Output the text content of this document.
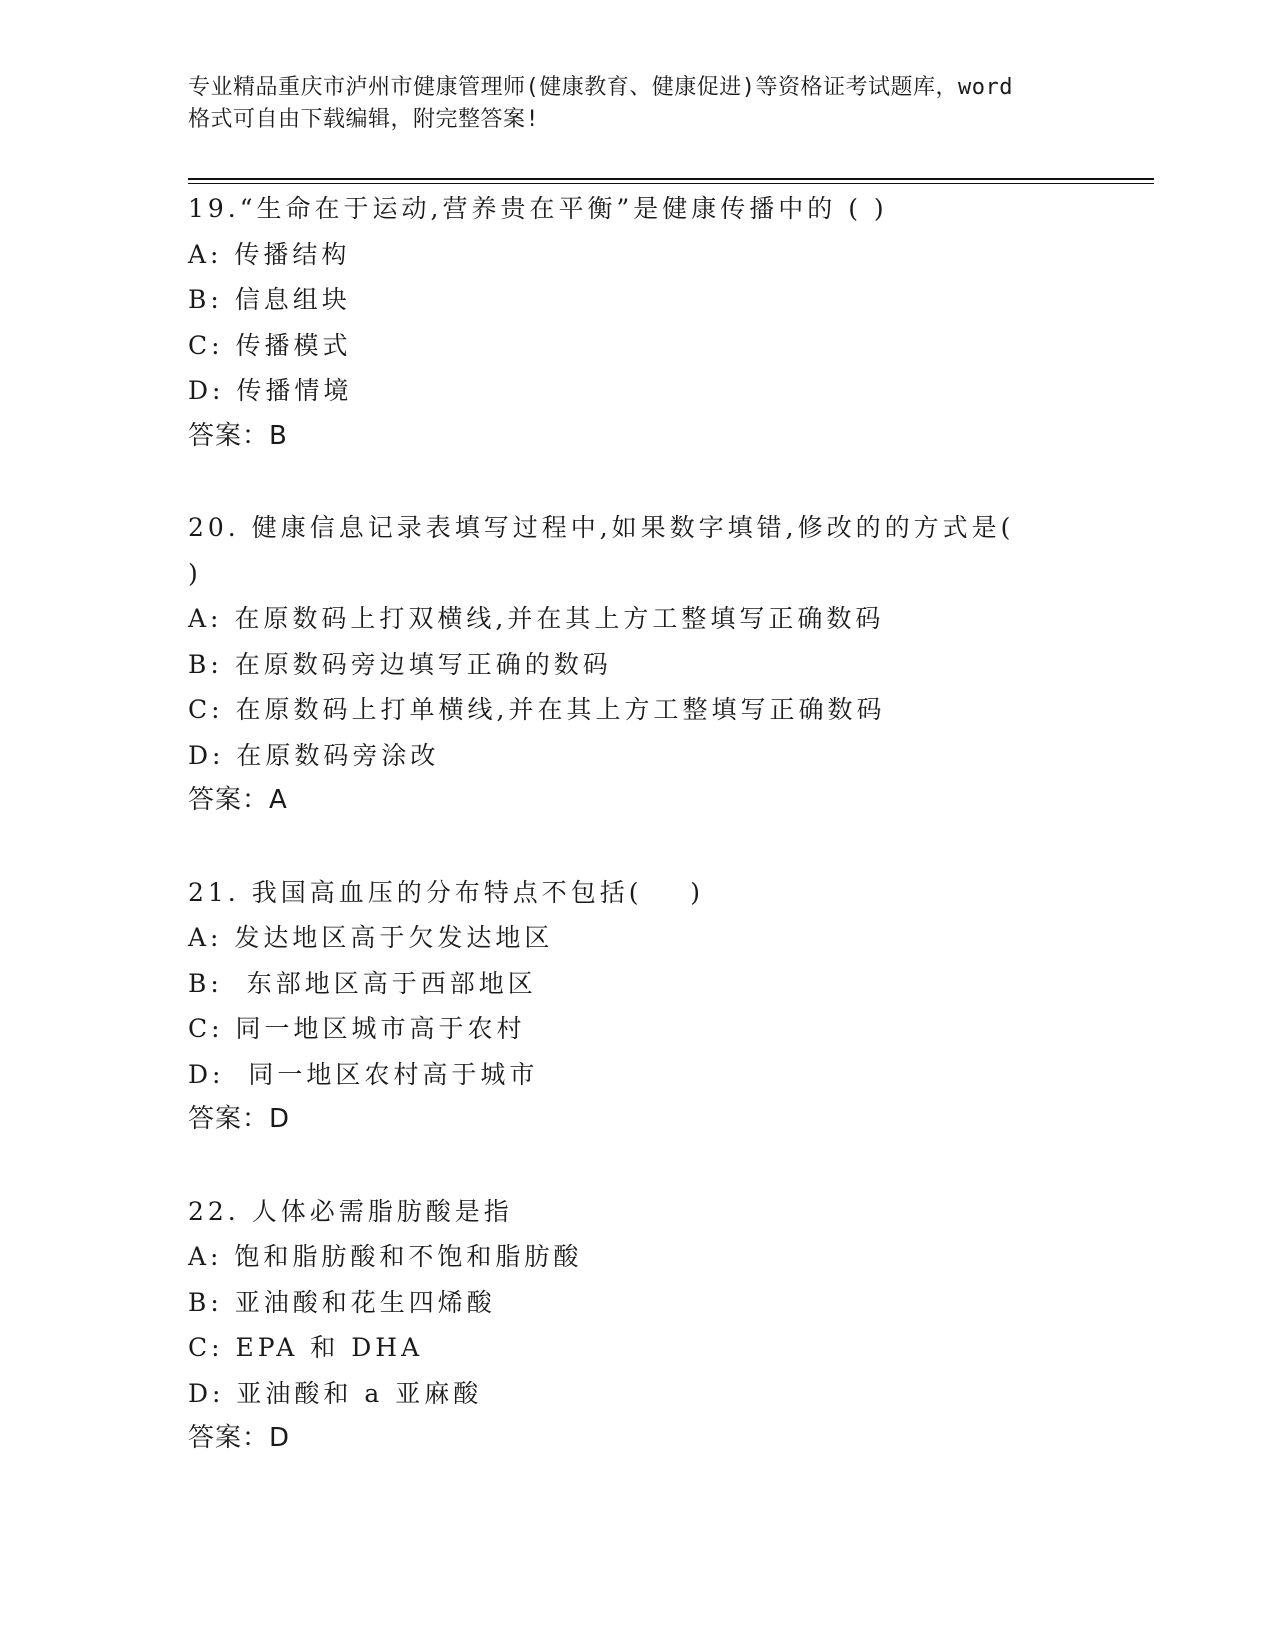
专业精品重庆市泸州市健康管理师(健康教育、健康促进)等资格证考试题库，word
格式可自由下载编辑，附完整答案!
19.“生命在于运动,营养贵在平衡”是健康传播中的 ( )
A: 传播结构
B: 信息组块
C: 传播模式
D: 传播情境
答案：B
20. 健康信息记录表填写过程中,如果数字填错,修改的的方式是(
)
A: 在原数码上打双横线,并在其上方工整填写正确数码
B: 在原数码旁边填写正确的数码
C: 在原数码上打单横线,并在其上方工整填写正确数码
D: 在原数码旁涂改
答案：A
21. 我国高血压的分布特点不包括(    )
A: 发达地区高于欠发达地区
B:  东部地区高于西部地区
C: 同一地区城市高于农村
D:  同一地区农村高于城市
答案：D
22. 人体必需脂肪酸是指
A: 饱和脂肪酸和不饱和脂肪酸
B: 亚油酸和花生四烯酸
C: EPA 和 DHA
D: 亚油酸和 a 亚麻酸
答案：D
